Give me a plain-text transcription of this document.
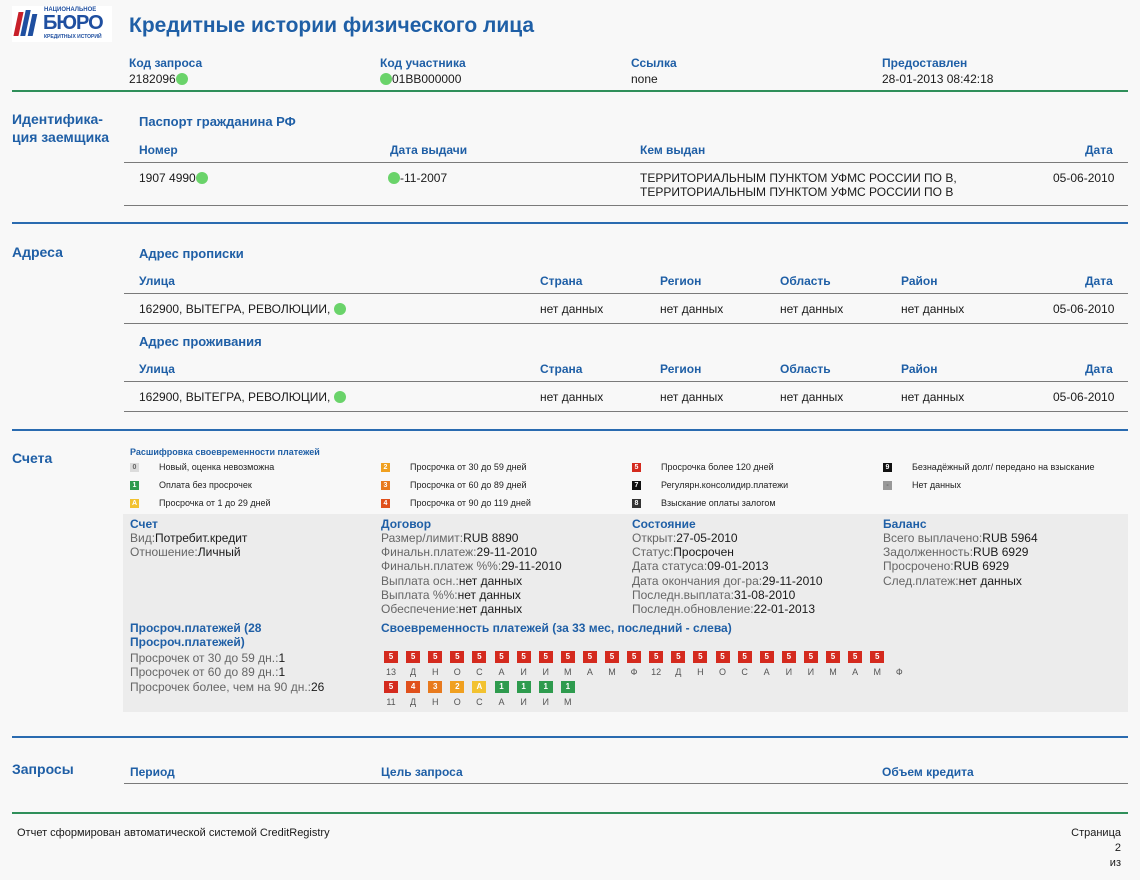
НАЦИОНАЛЬНОЕ
БЮРО
КРЕДИТНЫХ ИСТОРИЙ Кредитные истории физического лица
Код запроса
2182096
Код участника
01BB000000
Ссылка
none
Предоставлен
28-01-2013 08:42:18
Идентифика-
ция заемщика
Паспорт гражданина РФ
Номер	Дата выдачи	Кем выдан	Дата
1907 4990	-11-2007	ТЕРРИТОРИАЛЬНЫМ ПУНКТОМ УФМС РОССИИ ПО В,
ТЕРРИТОРИАЛЬНЫМ ПУНКТОМ УФМС РОССИИ ПО В
05-06-2010
Адреса	Адрес прописки
Улица	Страна	Регион	Область	Район	Дата
162900, ВЫТЕГРА, РЕВОЛЮЦИИ,	нет данных	нет данных	нет данных	нет данных	05-06-2010
Адрес проживания
Улица	Страна	Регион	Область	Район	Дата
162900, ВЫТЕГРА, РЕВОЛЮЦИИ,	нет данных	нет данных	нет данных	нет данных	05-06-2010
Счета	Расшифровка своевременности платежей
0	Новый, оценка невозможна
1	Оплата без просрочек
A Просрочка от 1 до 29 дней
2	Просрочка от 30 до 59 дней
3	Просрочка от 60 до 89 дней
4	Просрочка от 90 до 119 дней
5	Просрочка более 120 дней
7	Регулярн.консолидир.платежи
8	Взыскание оплаты залогом
9	Безнадёжный долг/ передано на взыскание
-	Нет данных
Счет
Вид:Потребит.кредит
Отношение:Личный
Договор
Размер/лимит:RUB 8890
Финальн.платеж:29-11-2010
Финальн.платеж %%:29-11-2010
Выплата осн.:нет данных
Выплата %%:нет данных
Обеспечение:нет данных
Состояние
Открыт:27-05-2010
Статус:Просрочен
Дата статуса:09-01-2013
Дата окончания дог-ра:29-11-2010
Последн.выплата:31-08-2010
Последн.обновление:22-01-2013
Баланс
Всего выплачено:RUB 5964
Задолженность:RUB 6929
Просрочено:RUB 6929
След.платеж:нет данных
Просроч.платежей (28
Просроч.платежей)
Просрочек от 30 до 59 дн.:1
Просрочек от 60 до 89 дн.:1
Просрочек более, чем на 90 дн.:26
Своевременность платежей (за 33 мес, последний - слева)
5	5	5	5	5	5	5	5	5	5	5	5	5	5	5	5	5	5	5	5	5	5	5
13	Д	Н	О	С	А	И	И	М	А	М	Ф	12	Д	Н	О	С	А	И	И	М	А	М	Ф
5	4	3	2	A	1	1	1	1
11	Д	Н	О	С	А	И	И	М
Запросы	Период	Цель запроса	Объем кредита
Отчет сформирован автоматической системой CreditRegistry	Страница
2
из
